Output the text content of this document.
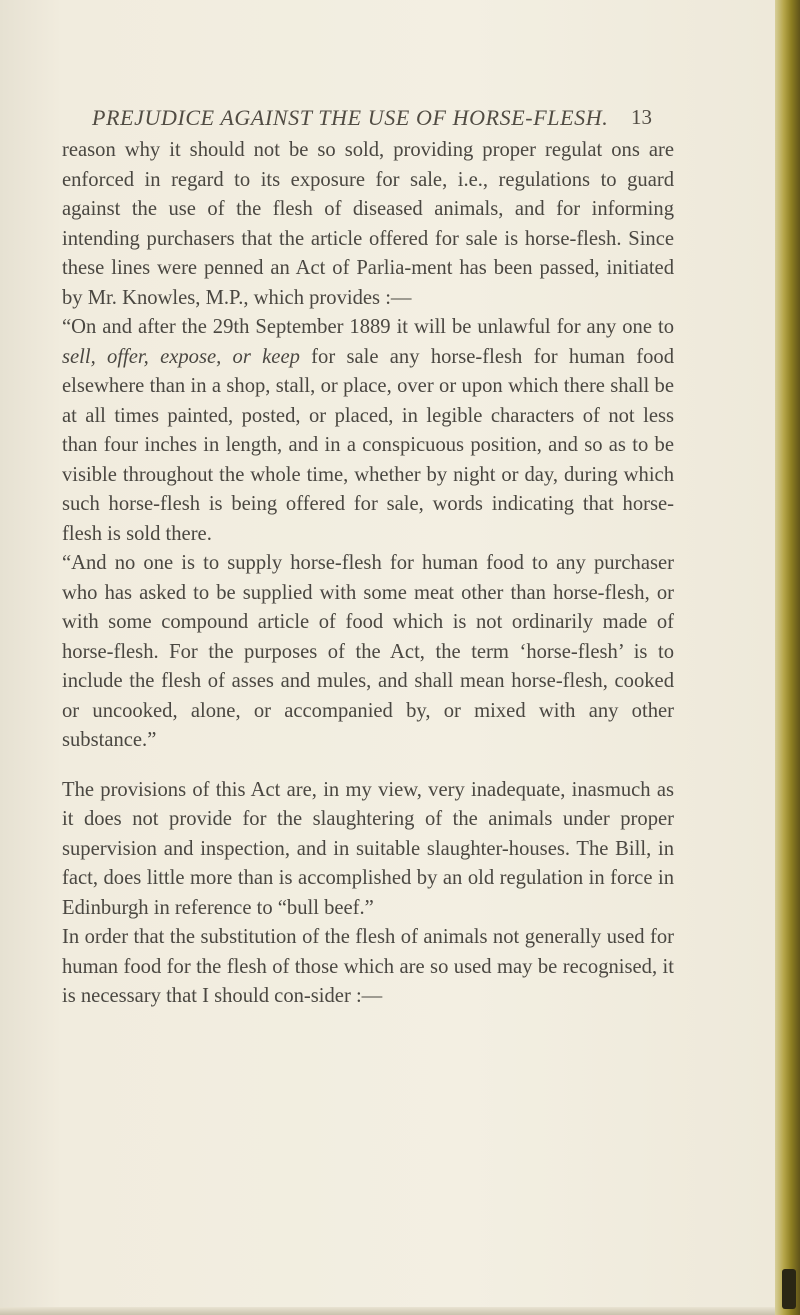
PREJUDICE AGAINST THE USE OF HORSE-FLESH. 13

reason why it should not be so sold, providing proper regulat ons are enforced in regard to its exposure for sale, i.e., regulations to guard against the use of the flesh of diseased animals, and for informing intending purchasers that the article offered for sale is horse-flesh. Since these lines were penned an Act of Parlia-ment has been passed, initiated by Mr. Knowles, M.P., which provides :—

“On and after the 29th September 1889 it will be unlawful for any one to sell, offer, expose, or keep for sale any horse-flesh for human food elsewhere than in a shop, stall, or place, over or upon which there shall be at all times painted, posted, or placed, in legible characters of not less than four inches in length, and in a conspicuous position, and so as to be visible throughout the whole time, whether by night or day, during which such horse-flesh is being offered for sale, words indicating that horse-flesh is sold there.

“And no one is to supply horse-flesh for human food to any purchaser who has asked to be supplied with some meat other than horse-flesh, or with some compound article of food which is not ordinarily made of horse-flesh. For the purposes of the Act, the term ‘horse-flesh’ is to include the flesh of asses and mules, and shall mean horse-flesh, cooked or uncooked, alone, or accompanied by, or mixed with any other substance.”

The provisions of this Act are, in my view, very inadequate, inasmuch as it does not provide for the slaughtering of the animals under proper supervision and inspection, and in suitable slaughter-houses. The Bill, in fact, does little more than is accomplished by an old regulation in force in Edinburgh in reference to “bull beef.”

In order that the substitution of the flesh of animals not generally used for human food for the flesh of those which are so used may be recognised, it is necessary that I should con-sider :—
